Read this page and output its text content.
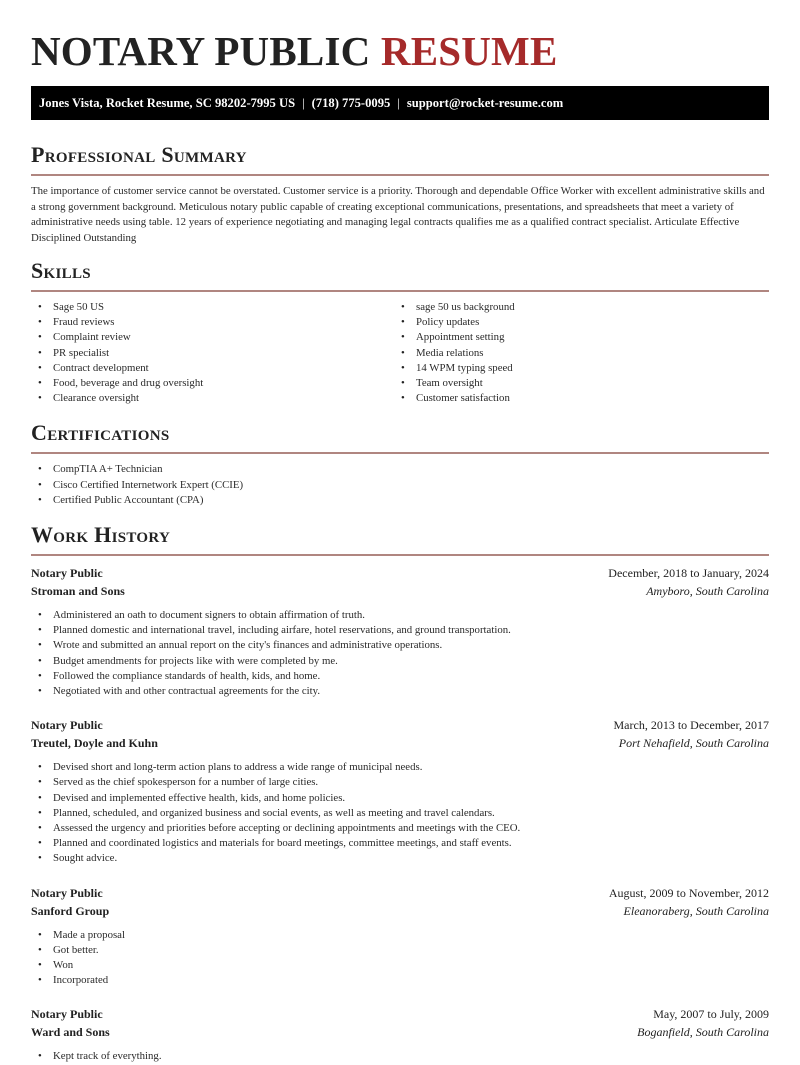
NOTARY PUBLIC RESUME
Jones Vista, Rocket Resume, SC 98202-7995 US | (718) 775-0095 | support@rocket-resume.com
Professional Summary

The importance of customer service cannot be overstated. Customer service is a priority. Thorough and dependable Office Worker with excellent administrative skills and a strong government background. Meticulous notary public capable of creating exceptional communications, presentations, and spreadsheets that meet a variety of administrative needs using table. 12 years of experience negotiating and managing legal contracts qualifies me as a qualified contract specialist. Articulate Effective Disciplined Outstanding

Skills
• Sage 50 US
• Fraud reviews
• Complaint review
• PR specialist
• Contract development
• Food, beverage and drug oversight
• Clearance oversight
• sage 50 us background
• Policy updates
• Appointment setting
• Media relations
• 14 WPM typing speed
• Team oversight
• Customer satisfaction
Certifications
• CompTIA A+ Technician
• Cisco Certified Internetwork Expert (CCIE)
• Certified Public Accountant (CPA)
Work History
Notary Public	December, 2018 to January, 2024
Stroman and Sons	Amyboro, South Carolina
• Administered an oath to document signers to obtain affirmation of truth.
• Planned domestic and international travel, including airfare, hotel reservations, and ground transportation.
• Wrote and submitted an annual report on the city's finances and administrative operations.
• Budget amendments for projects like with were completed by me.
• Followed the compliance standards of health, kids, and home.
• Negotiated with and other contractual agreements for the city.
Notary Public	March, 2013 to December, 2017
Treutel, Doyle and Kuhn	Port Nehafield, South Carolina
• Devised short and long-term action plans to address a wide range of municipal needs.
• Served as the chief spokesperson for a number of large cities.
• Devised and implemented effective health, kids, and home policies.
• Planned, scheduled, and organized business and social events, as well as meeting and travel calendars.
• Assessed the urgency and priorities before accepting or declining appointments and meetings with the CEO.
• Planned and coordinated logistics and materials for board meetings, committee meetings, and staff events.
• Sought advice.
Notary Public	August, 2009 to November, 2012
Sanford Group	Eleanoraberg, South Carolina
• Made a proposal
• Got better.
• Won
• Incorporated
Notary Public	May, 2007 to July, 2009
Ward and Sons	Boganfield, South Carolina
• Kept track of everything.
